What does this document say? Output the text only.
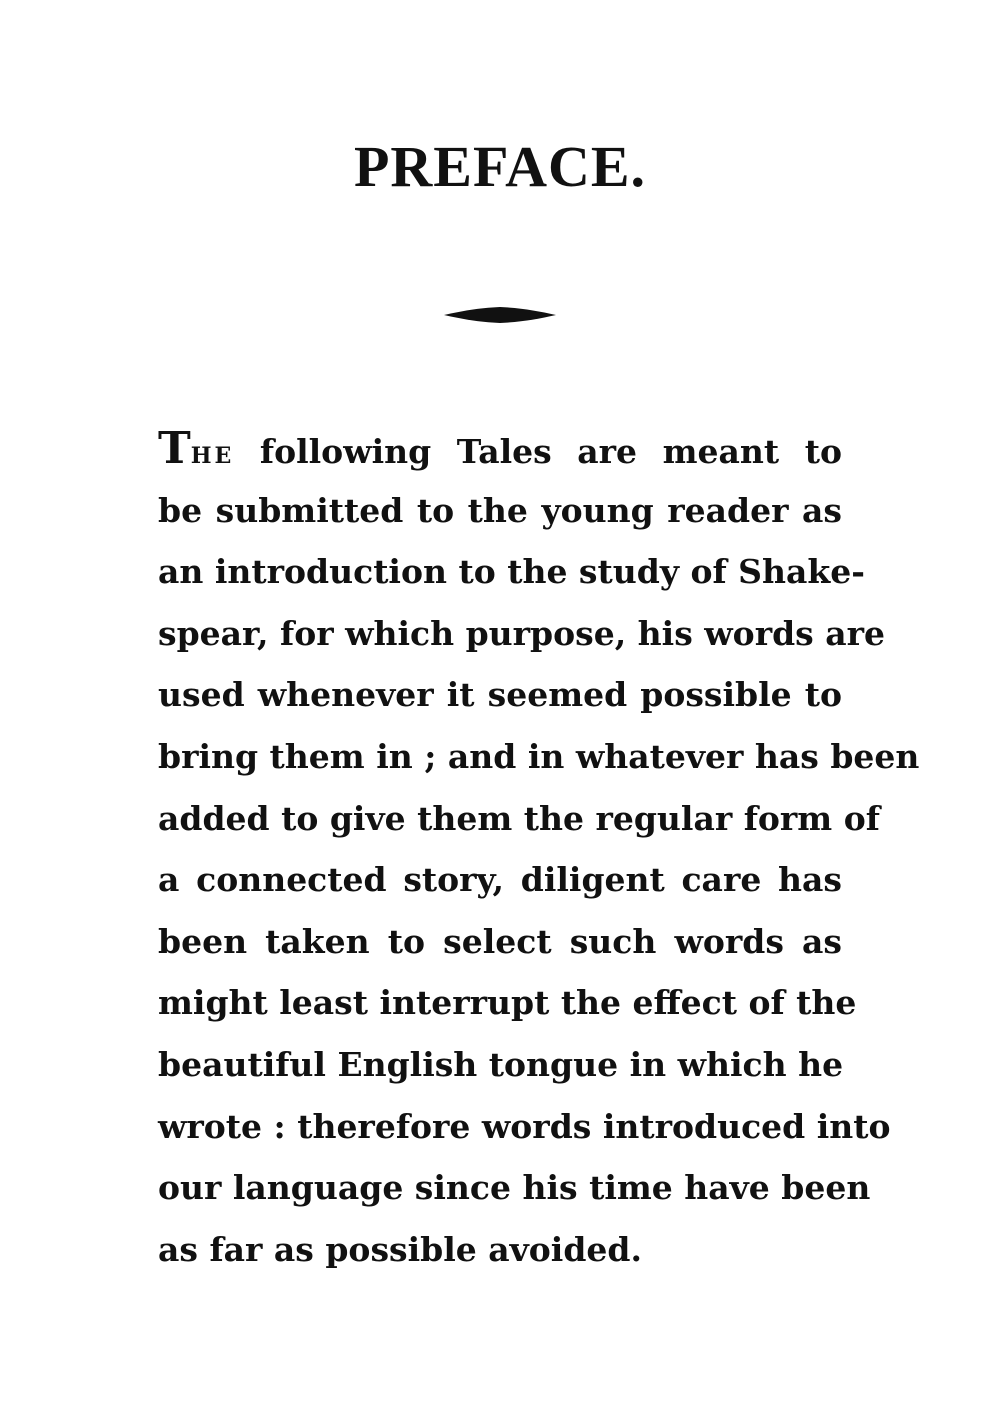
PREFACE.
THE following Tales are meant to
be submitted to the young reader as
an introduction to the study of Shake-
spear, for which purpose, his words are
used whenever it seemed possible to
bring them in ; and in whatever has been
added to give them the regular form of
a connected story, diligent care has
been taken to select such words as
might least interrupt the effect of the
beautiful English tongue in which he
wrote : therefore words introduced into
our language since his time have been
as far as possible avoided.
